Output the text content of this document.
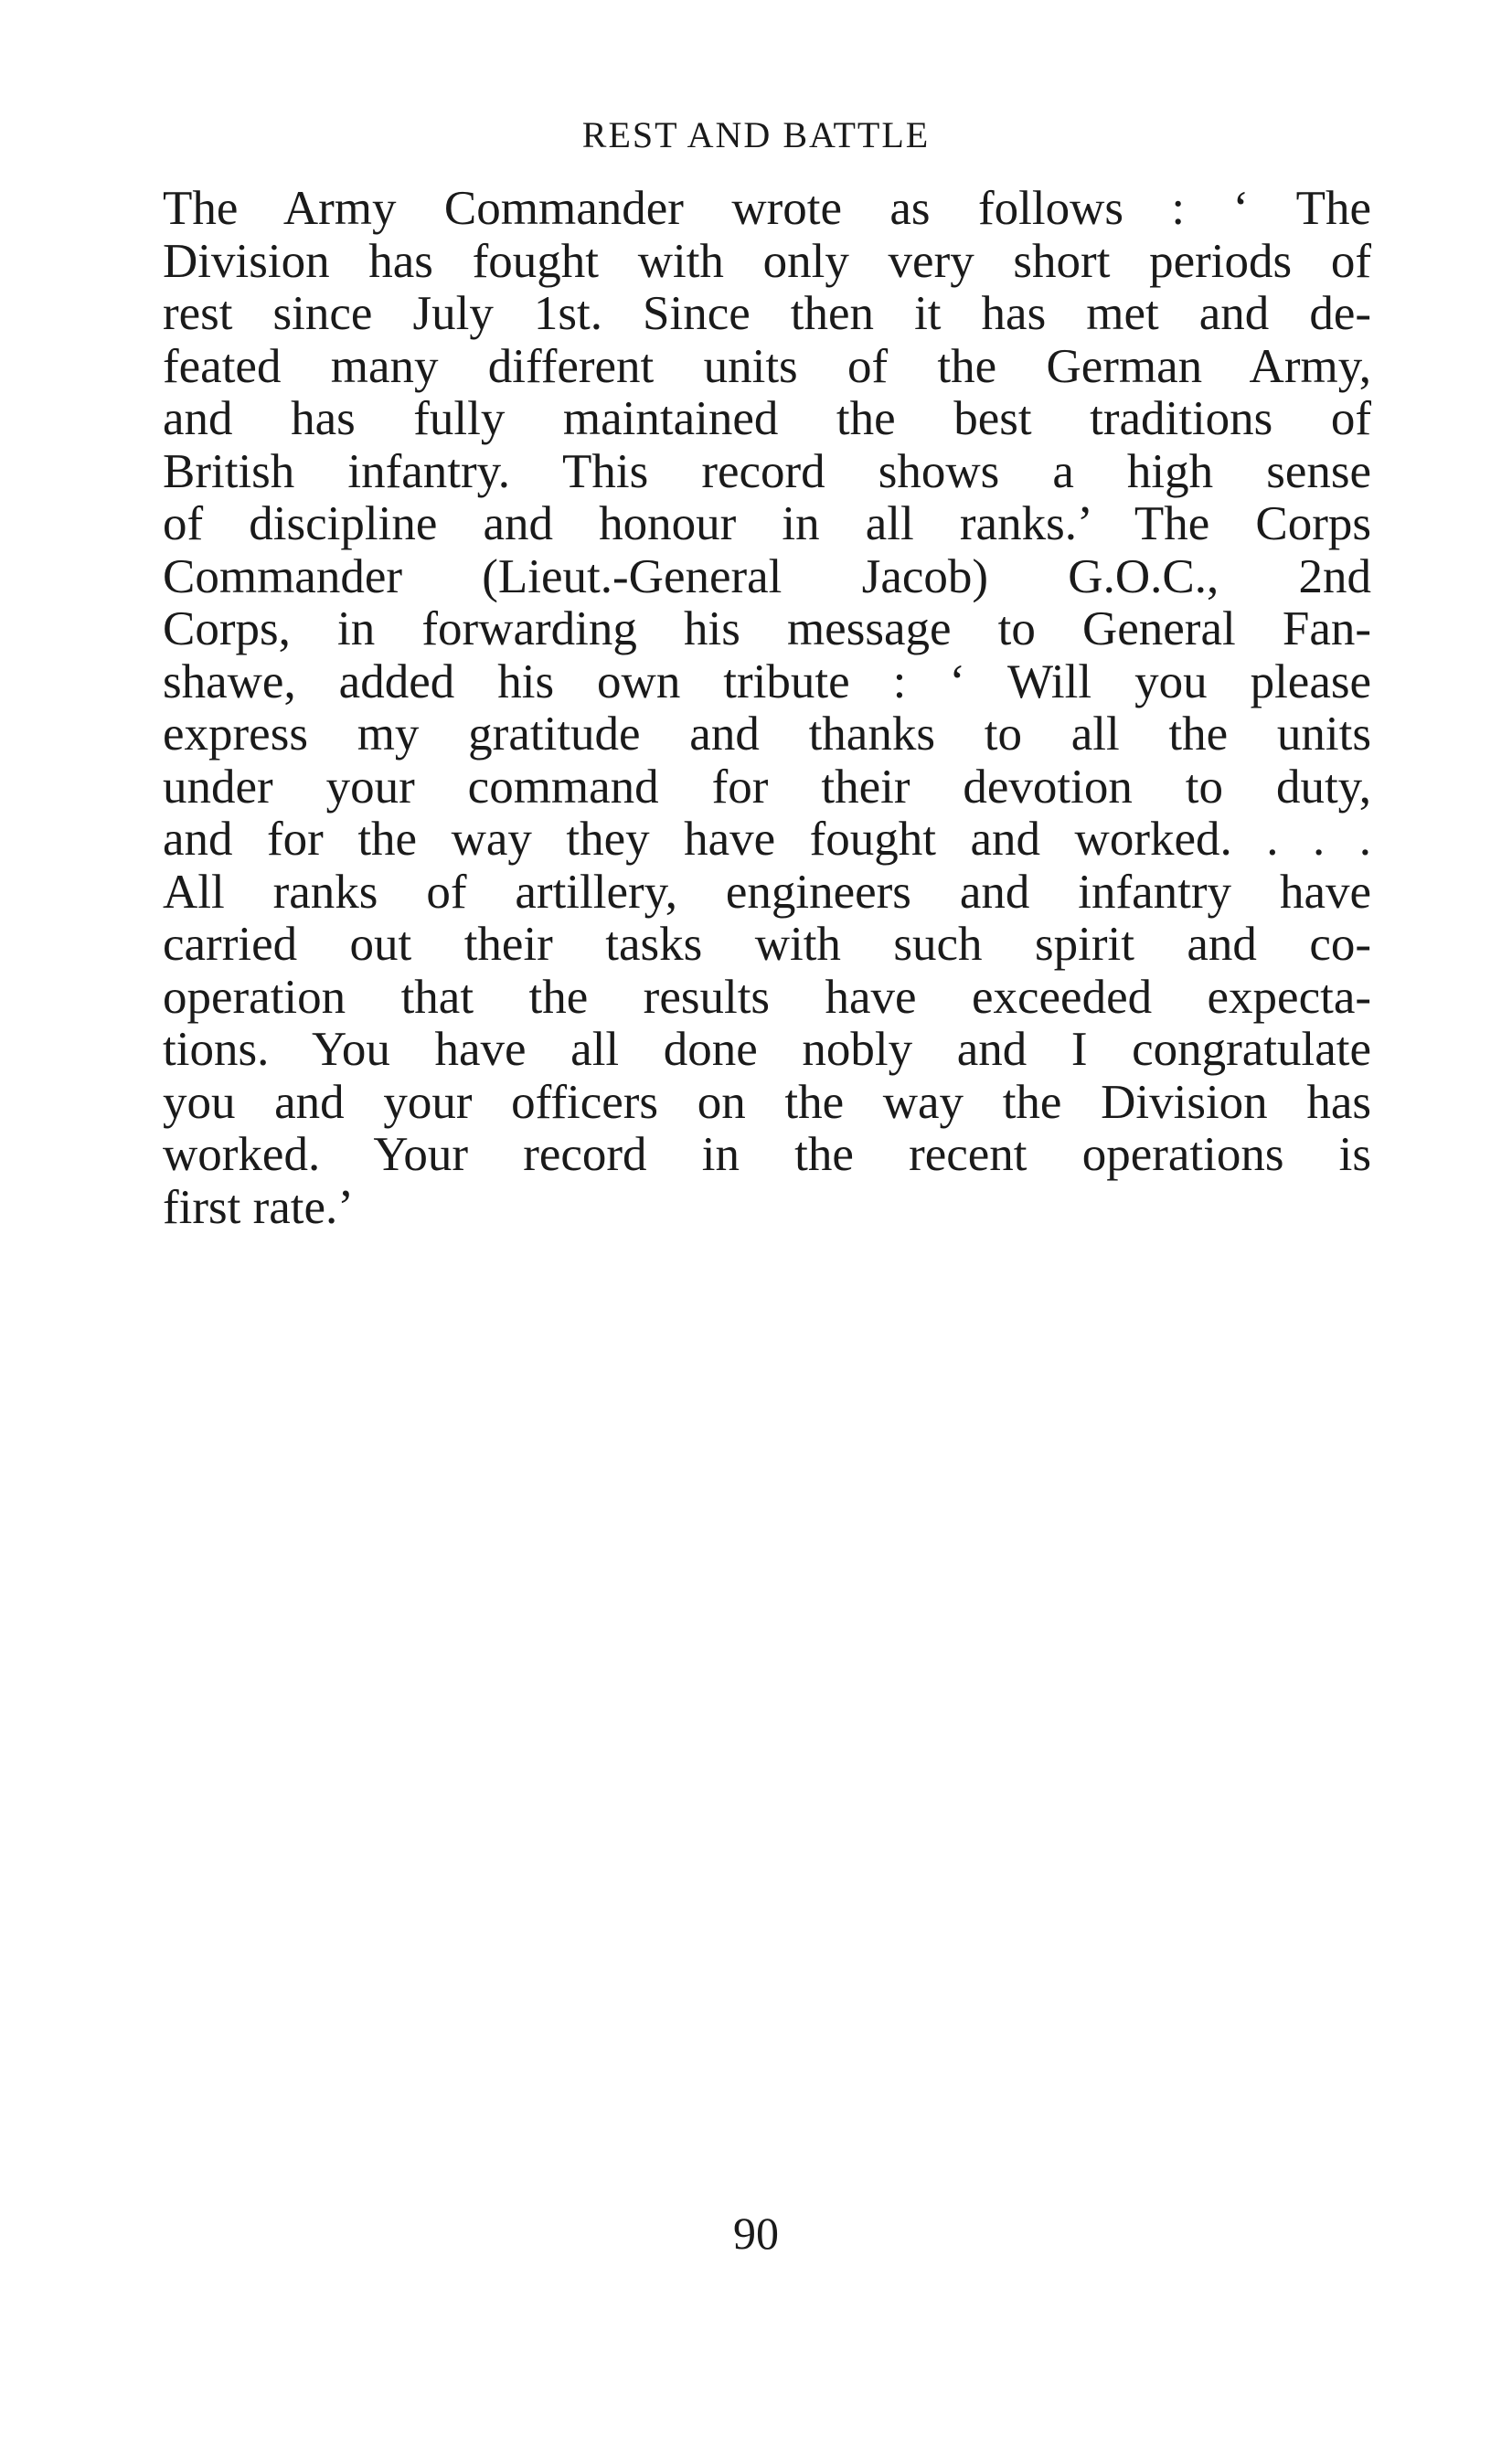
REST AND BATTLE
The Army Commander wrote as follows : ‘ The
Division has fought with only very short periods of
rest since July 1st. Since then it has met and de-
feated many different units of the German Army,
and has fully maintained the best traditions of
British infantry. This record shows a high sense
of discipline and honour in all ranks.’ The Corps
Commander (Lieut.-General Jacob) G.O.C., 2nd
Corps, in forwarding his message to General Fan-
shawe, added his own tribute : ‘ Will you please
express my gratitude and thanks to all the units
under your command for their devotion to duty,
and for the way they have fought and worked. . . .
All ranks of artillery, engineers and infantry have
carried out their tasks with such spirit and co-
operation that the results have exceeded expecta-
tions. You have all done nobly and I congratulate
you and your officers on the way the Division has
worked. Your record in the recent operations is
first rate.’
90
